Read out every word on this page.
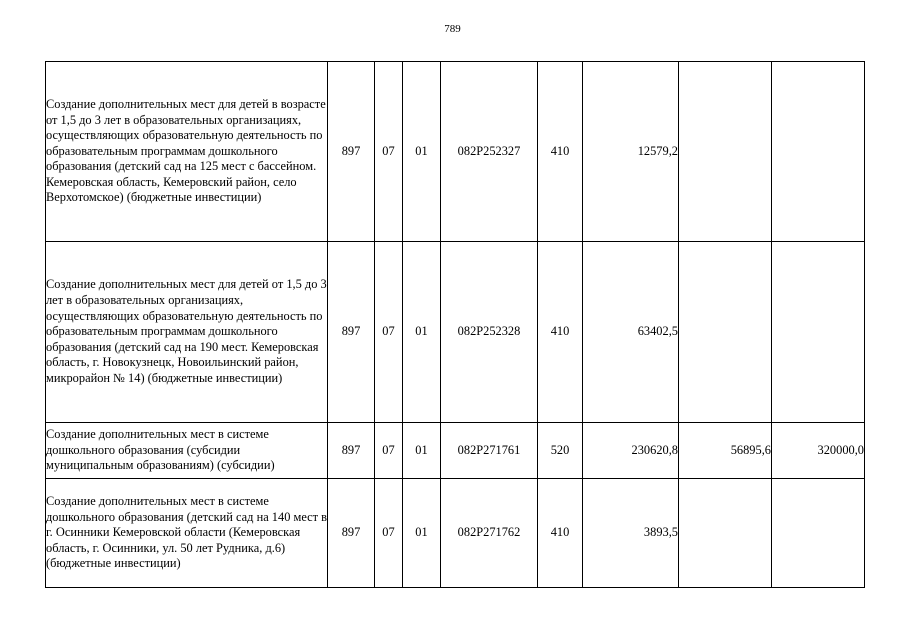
789
Создание дополнительных мест для детей в возрасте от 1,5 до 3 лет в образовательных организациях, осуществляющих образовательную деятельность по образовательным программам дошкольного образования (детский сад на 125 мест с бассейном. Кемеровская область, Кемеровский район, село Верхотомское) (бюджетные инвестиции)	897	07	01	082P252327	410	12579,2		
Создание дополнительных мест для детей от 1,5 до 3 лет в образовательных организациях, осуществляющих образовательную деятельность по образовательным программам дошкольного образования (детский сад на 190 мест. Кемеровская область, г. Новокузнецк, Новоильинский район, микрорайон № 14) (бюджетные инвестиции)	897	07	01	082P252328	410	63402,5		
Создание дополнительных мест в системе дошкольного образования (субсидии муниципальным образованиям) (субсидии)	897	07	01	082P271761	520	230620,8	56895,6	320000,0
Создание дополнительных мест в системе дошкольного образования (детский сад на 140 мест в г. Осинники Кемеровской области (Кемеровская область, г. Осинники, ул. 50 лет Рудника, д.6) (бюджетные инвестиции)	897	07	01	082P271762	410	3893,5		
